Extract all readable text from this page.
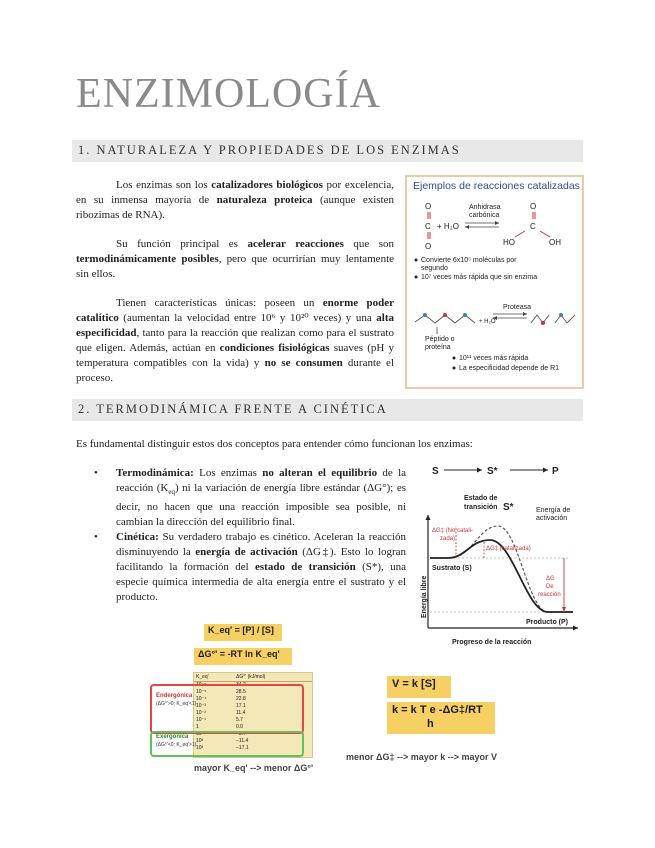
ENZIMOLOGÍA
1. NATURALEZA Y PROPIEDADES DE LOS ENZIMAS
Los enzimas son los catalizadores biológicos por excelencia, en su inmensa mayoría de naturaleza proteica (aunque existen ribozimas de RNA).
Su función principal es acelerar reacciones que son termodinámicamente posibles, pero que ocurrirían muy lentamente sin ellos.
Tienen características únicas: poseen un enorme poder catalítico (aumentan la velocidad entre 10⁶ y 10²⁰ veces) y una alta especificidad, tanto para la reacción que realizan como para el sustrato que eligen. Además, actúan en condiciones fisiológicas suaves (pH y temperatura compatibles con la vida) y no se consumen durante el proceso.
Ejemplos de reacciones catalizadas
O
C
O
+ H₂O
Anhidrasa
carbónica
O
C
HO	OH
Convierte 6x10⁵ moléculas por
segundo
10⁷ veces más rápida que sin enzima
Proteasa
+ H₂O
Péptido o
proteína
10¹¹ veces más rápida
La especificidad depende de R1
2. TERMODINÁMICA FRENTE A CINÉTICA
Es fundamental distinguir estos dos conceptos para entender cómo funcionan los enzimas:
• Termodinámica: Los enzimas no alteran el equilibrio de la reacción $(K_{eq})$ ni la variación de energía libre estándar (ΔG°); es decir, no hacen que una reacción imposible sea posible, ni cambian la dirección del equilibrio final.
• Cinética: Su verdadero trabajo es cinético. Aceleran la reacción disminuyendo la energía de activación (ΔG‡). Esto lo logran facilitando la formación del estado de transición (S*), una especie química intermedia de alta energía entre el sustrato y el producto.
S	S*	P
Estado de
transición S*	Energía de
activación
Energía libre
Progreso de la reacción
ΔG‡ (No catali-
zada)
ΔG‡ (catalizada)
Sustrato (S)
ΔG
De
reacción
Producto (P)
K_eq' = [P] / [S]
ΔG°' = -RT ln K_eq'
K_eq'	ΔG°' (kJ/mol)
10⁻⁶	34.2
10⁻⁵	28.5
10⁻⁴	22.8
10⁻³	17.1
10⁻²	11.4
10⁻¹	5.7
1	0.0
10¹	−5.7
10²	−11.4
10³	−17.1
Endergónica
(ΔG°'>0; K_eq'<1)
Exergónica
(ΔG°'<0; K_eq'>1)
mayor K_eq' --> menor ΔG°'
V = k [S]
k = k T e -ΔG‡/RT
h
menor ΔG‡ --> mayor k --> mayor V
